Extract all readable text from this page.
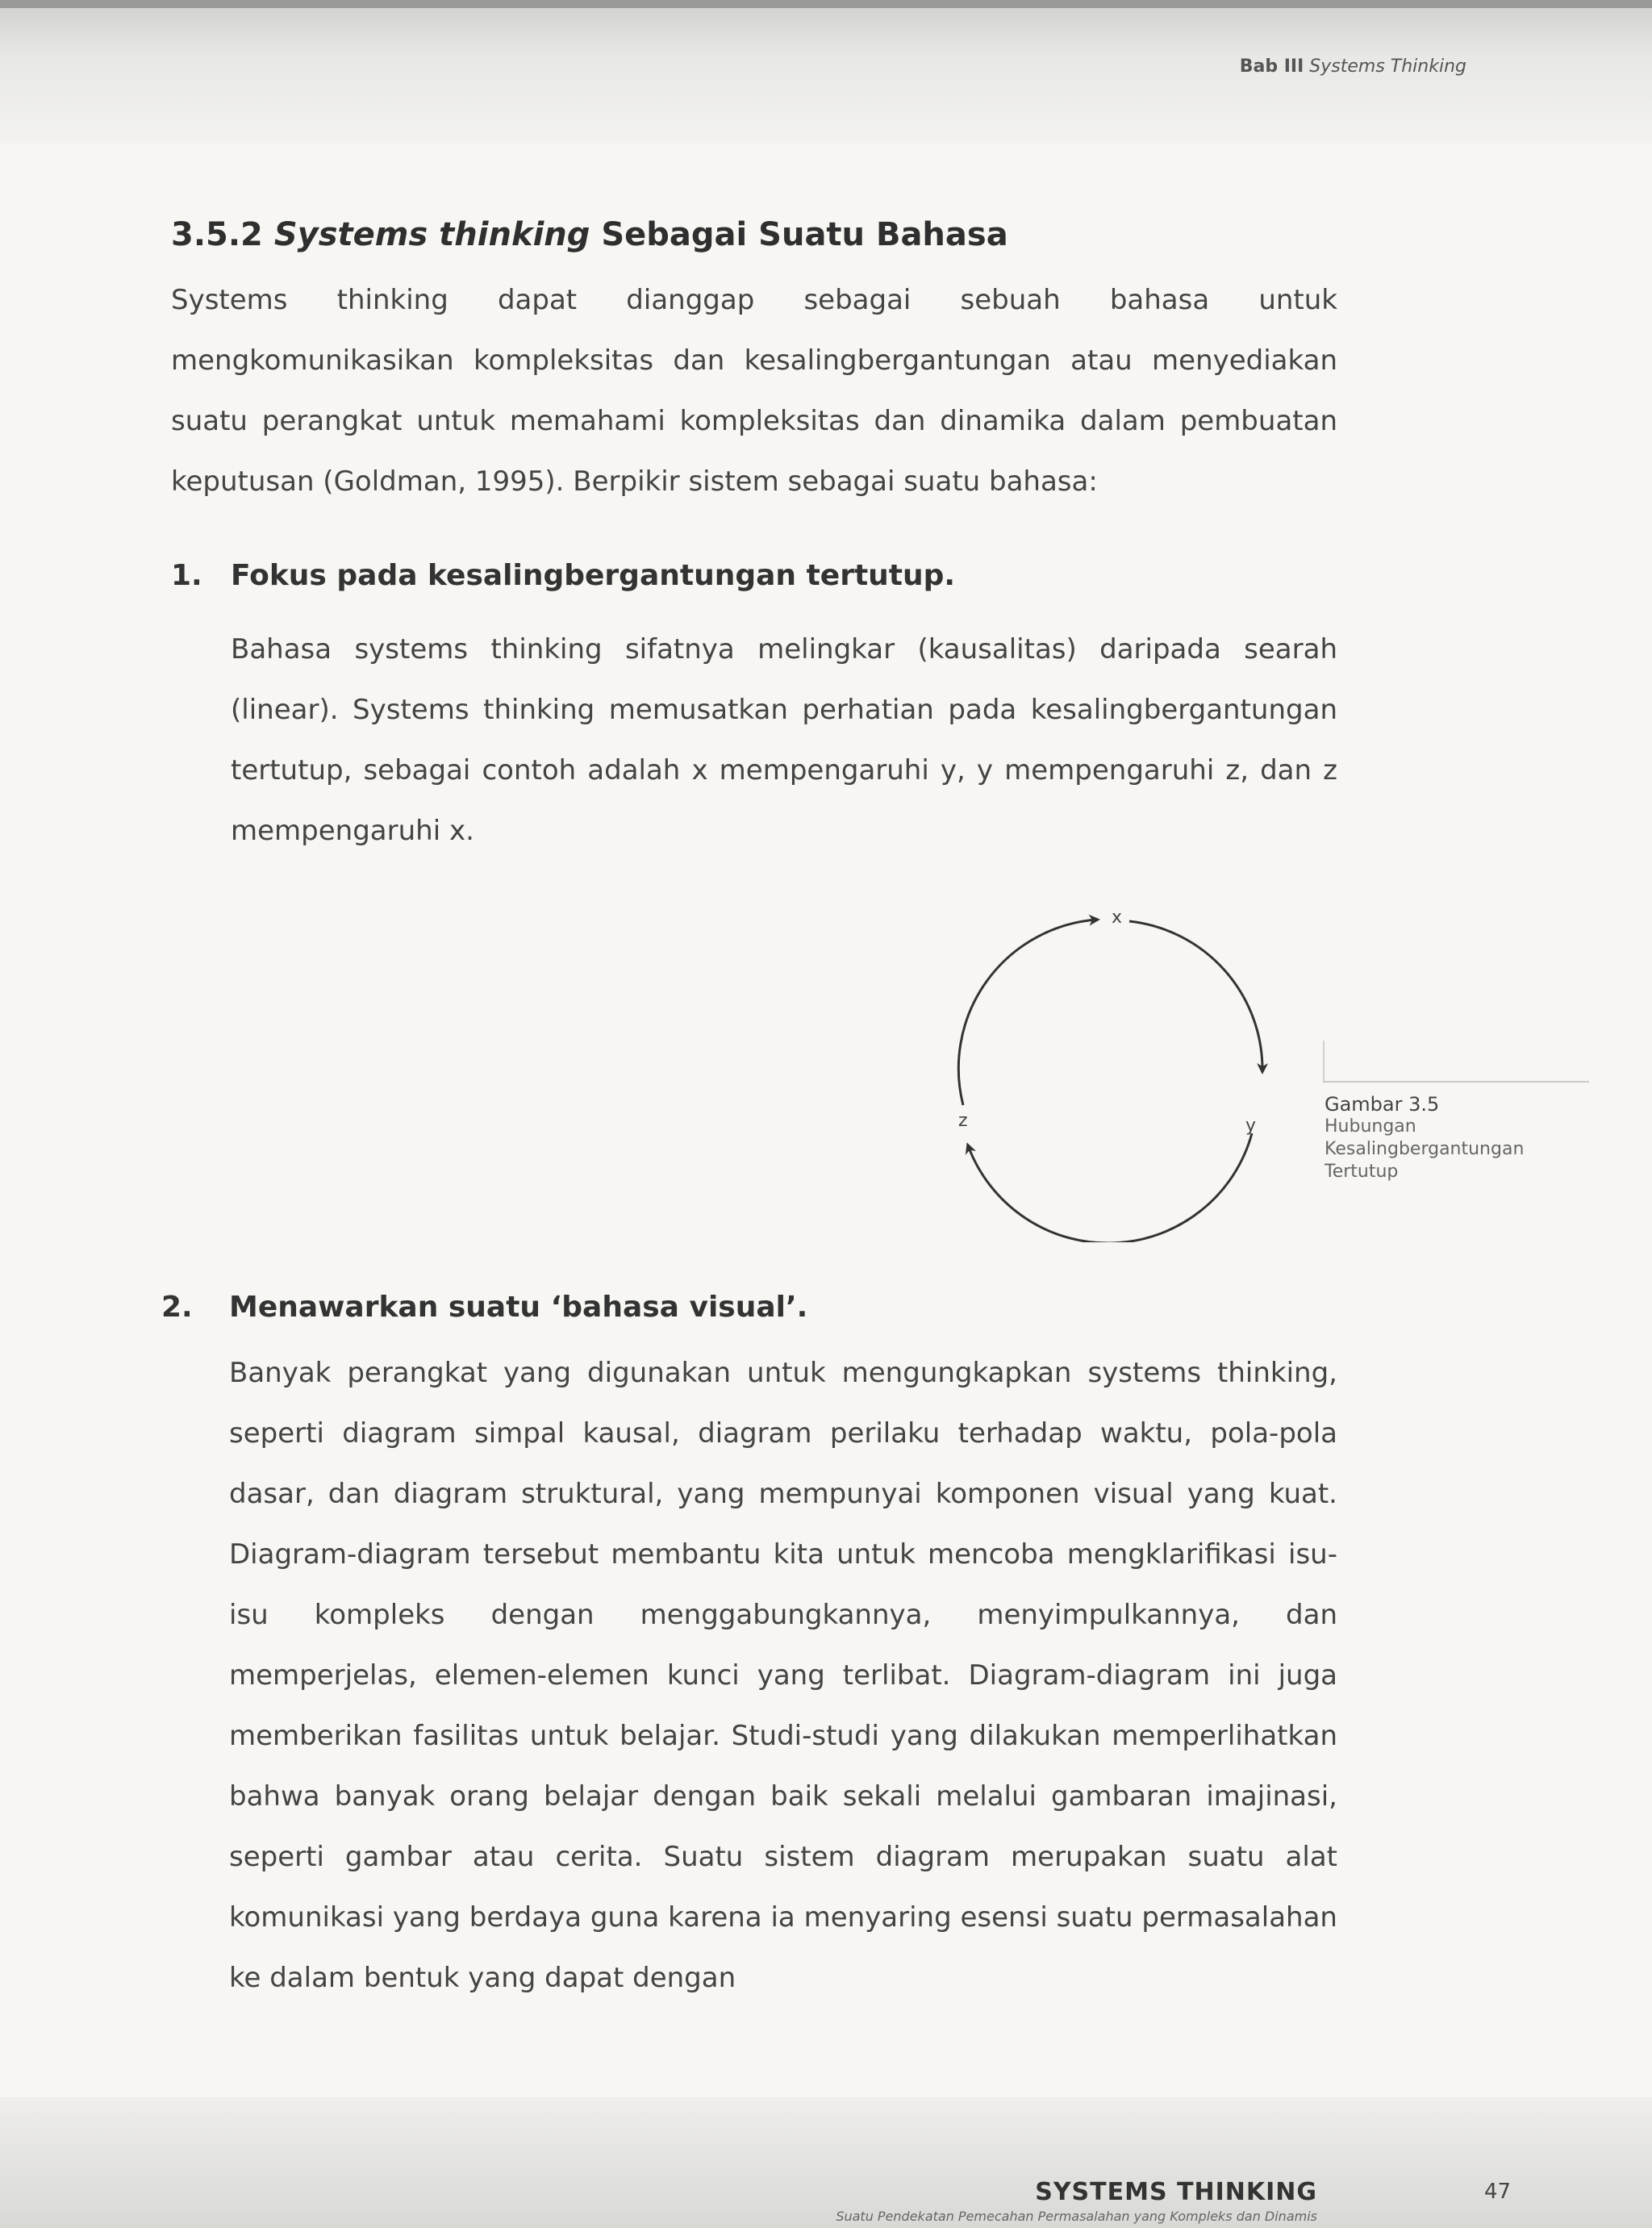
Bab III Systems Thinking
3.5.2 Systems thinking Sebagai Suatu Bahasa
Systems thinking dapat dianggap sebagai sebuah bahasa untuk mengkomunikasikan kompleksitas dan kesalingbergantungan atau menyediakan suatu perangkat untuk memahami kompleksitas dan dinamika dalam pembuatan keputusan (Goldman, 1995). Berpikir sistem sebagai suatu bahasa:
1. Fokus pada kesalingbergantungan tertutup.
Bahasa systems thinking sifatnya melingkar (kausalitas) daripada searah (linear). Systems thinking memusatkan perhatian pada kesalingbergantungan tertutup, sebagai contoh adalah x mempengaruhi y, y mempengaruhi z, dan z mempengaruhi x.
x
y
z
Gambar 3.5
Hubungan
Kesalingbergantungan
Tertutup
2. Menawarkan suatu ‘bahasa visual’.
Banyak perangkat yang digunakan untuk mengungkapkan systems thinking, seperti diagram simpal kausal, diagram perilaku terhadap waktu, pola-pola dasar, dan diagram struktural, yang mempunyai komponen visual yang kuat. Diagram-diagram tersebut membantu kita untuk mencoba mengklarifikasi isu-isu kompleks dengan menggabungkannya, menyimpulkannya, dan memperjelas, elemen-elemen kunci yang terlibat. Diagram-diagram ini juga memberikan fasilitas untuk belajar. Studi-studi yang dilakukan memperlihatkan bahwa banyak orang belajar dengan baik sekali melalui gambaran imajinasi, seperti gambar atau cerita. Suatu sistem diagram merupakan suatu alat komunikasi yang berdaya guna karena ia menyaring esensi suatu permasalahan ke dalam bentuk yang dapat dengan
SYSTEMS THINKING
Suatu Pendekatan Pemecahan Permasalahan yang Kompleks dan Dinamis
47
